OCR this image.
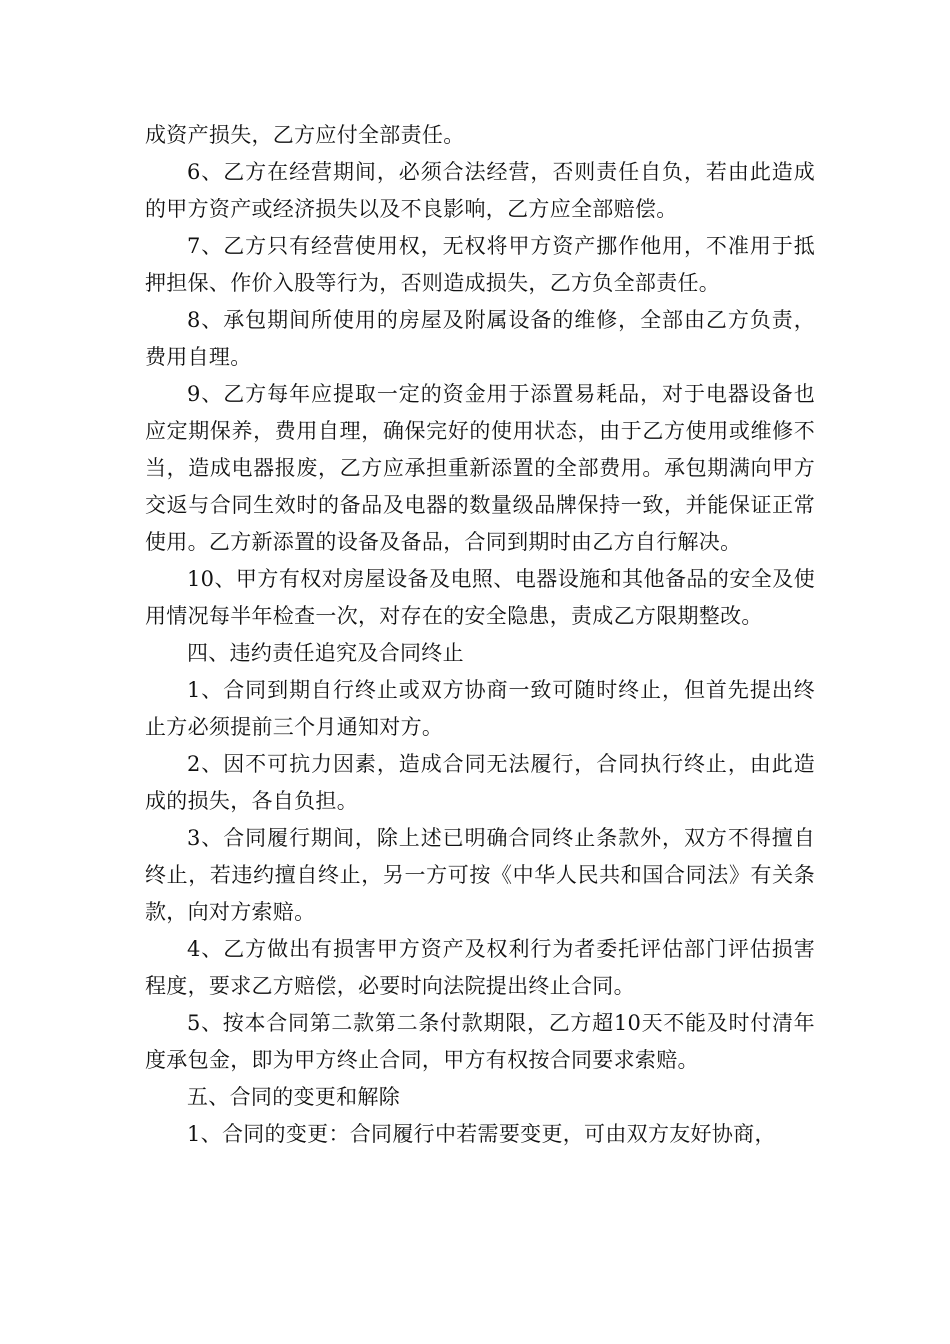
成资产损失，乙方应付全部责任。

6、乙方在经营期间，必须合法经营，否则责任自负，若由此造成的甲方资产或经济损失以及不良影响，乙方应全部赔偿。

7、乙方只有经营使用权，无权将甲方资产挪作他用，不准用于抵押担保、作价入股等行为，否则造成损失，乙方负全部责任。

8、承包期间所使用的房屋及附属设备的维修，全部由乙方负责，费用自理。

9、乙方每年应提取一定的资金用于添置易耗品，对于电器设备也应定期保养，费用自理，确保完好的使用状态，由于乙方使用或维修不当，造成电器报废，乙方应承担重新添置的全部费用。承包期满向甲方交返与合同生效时的备品及电器的数量级品牌保持一致，并能保证正常使用。乙方新添置的设备及备品，合同到期时由乙方自行解决。

10、甲方有权对房屋设备及电照、电器设施和其他备品的安全及使用情况每半年检查一次，对存在的安全隐患，责成乙方限期整改。

四、违约责任追究及合同终止

1、合同到期自行终止或双方协商一致可随时终止，但首先提出终止方必须提前三个月通知对方。

2、因不可抗力因素，造成合同无法履行，合同执行终止，由此造成的损失，各自负担。

3、合同履行期间，除上述已明确合同终止条款外，双方不得擅自终止，若违约擅自终止，另一方可按《中华人民共和国合同法》有关条款，向对方索赔。

4、乙方做出有损害甲方资产及权利行为者委托评估部门评估损害程度，要求乙方赔偿，必要时向法院提出终止合同。

5、按本合同第二款第二条付款期限，乙方超10天不能及时付清年度承包金，即为甲方终止合同，甲方有权按合同要求索赔。

五、合同的变更和解除

1、合同的变更：合同履行中若需要变更，可由双方友好协商，
